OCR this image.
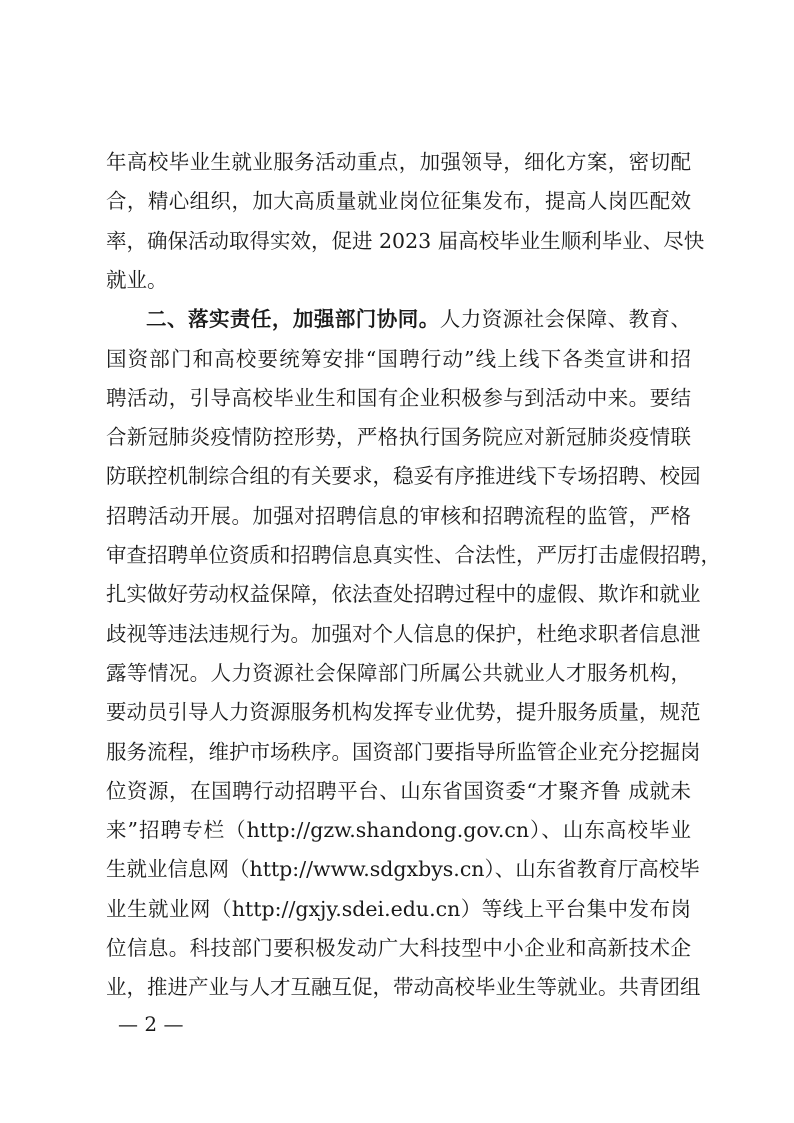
二、落实责任，加强部门协同。人力资源社会保障、教育、
年高校毕业生就业服务活动重点，加强领导，细化方案，密切配
合，精心组织，加大高质量就业岗位征集发布，提高人岗匹配效
率，确保活动取得实效，促进 2023 届高校毕业生顺利毕业、尽快
就业。
国资部门和高校要统筹安排“国聘行动”线上线下各类宣讲和招
聘活动，引导高校毕业生和国有企业积极参与到活动中来。要结
合新冠肺炎疫情防控形势，严格执行国务院应对新冠肺炎疫情联
防联控机制综合组的有关要求，稳妥有序推进线下专场招聘、校园
招聘活动开展。加强对招聘信息的审核和招聘流程的监管，严格
审查招聘单位资质和招聘信息真实性、合法性，严厉打击虚假招聘，
扎实做好劳动权益保障，依法查处招聘过程中的虚假、欺诈和就业
歧视等违法违规行为。加强对个人信息的保护，杜绝求职者信息泄
露等情况。人力资源社会保障部门所属公共就业人才服务机构，
要动员引导人力资源服务机构发挥专业优势，提升服务质量，规范
服务流程，维护市场秩序。国资部门要指导所监管企业充分挖掘岗
位资源，在国聘行动招聘平台、山东省国资委“才聚齐鲁 成就未
来”招聘专栏（http://gzw.shandong.gov.cn）、山东高校毕业
生就业信息网（http://www.sdgxbys.cn）、山东省教育厅高校毕
业生就业网（http://gxjy.sdei.edu.cn）等线上平台集中发布岗
位信息。科技部门要积极发动广大科技型中小企业和高新技术企
业，推进产业与人才互融互促，带动高校毕业生等就业。共青团组
— 2 —
